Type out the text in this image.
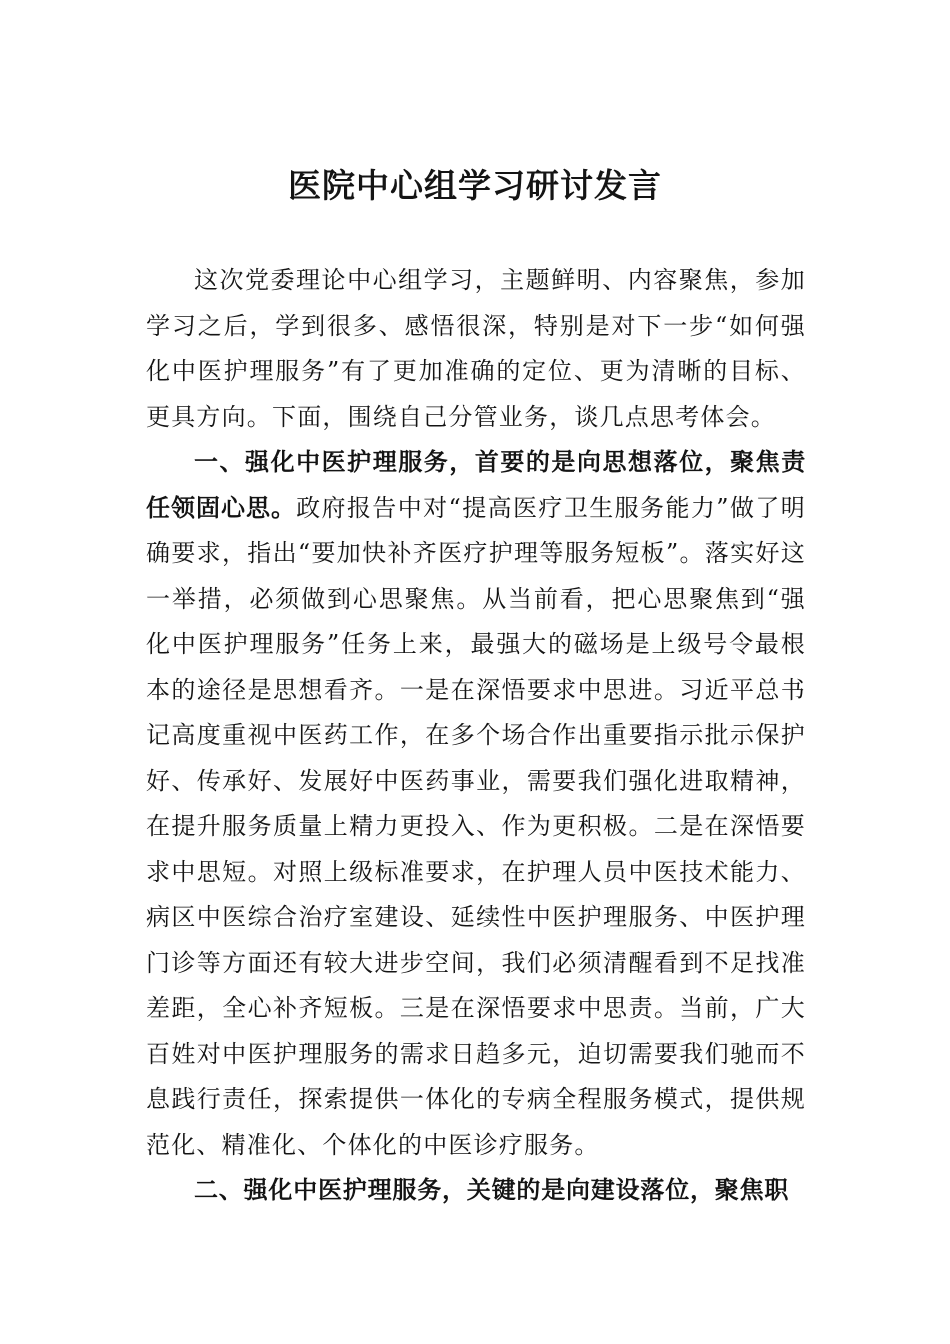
医院中心组学习研讨发言

这次党委理论中心组学习，主题鲜明、内容聚焦，参加学习之后，学到很多、感悟很深，特别是对下一步“如何强化中医护理服务”有了更加准确的定位、更为清晰的目标、更具方向。下面，围绕自己分管业务，谈几点思考体会。

一、强化中医护理服务，首要的是向思想落位，聚焦责任领固心思。政府报告中对“提高医疗卫生服务能力”做了明确要求，指出“要加快补齐医疗护理等服务短板”。落实好这一举措，必须做到心思聚焦。从当前看，把心思聚焦到“强化中医护理服务”任务上来，最强大的磁场是上级号令最根本的途径是思想看齐。一是在深悟要求中思进。习近平总书记高度重视中医药工作，在多个场合作出重要指示批示保护好、传承好、发展好中医药事业，需要我们强化进取精神，在提升服务质量上精力更投入、作为更积极。二是在深悟要求中思短。对照上级标准要求，在护理人员中医技术能力、病区中医综合治疗室建设、延续性中医护理服务、中医护理门诊等方面还有较大进步空间，我们必须清醒看到不足找准差距，全心补齐短板。三是在深悟要求中思责。当前，广大百姓对中医护理服务的需求日趋多元，迫切需要我们驰而不息践行责任，探索提供一体化的专病全程服务模式，提供规范化、精准化、个体化的中医诊疗服务。

二、强化中医护理服务，关键的是向建设落位，聚焦职
